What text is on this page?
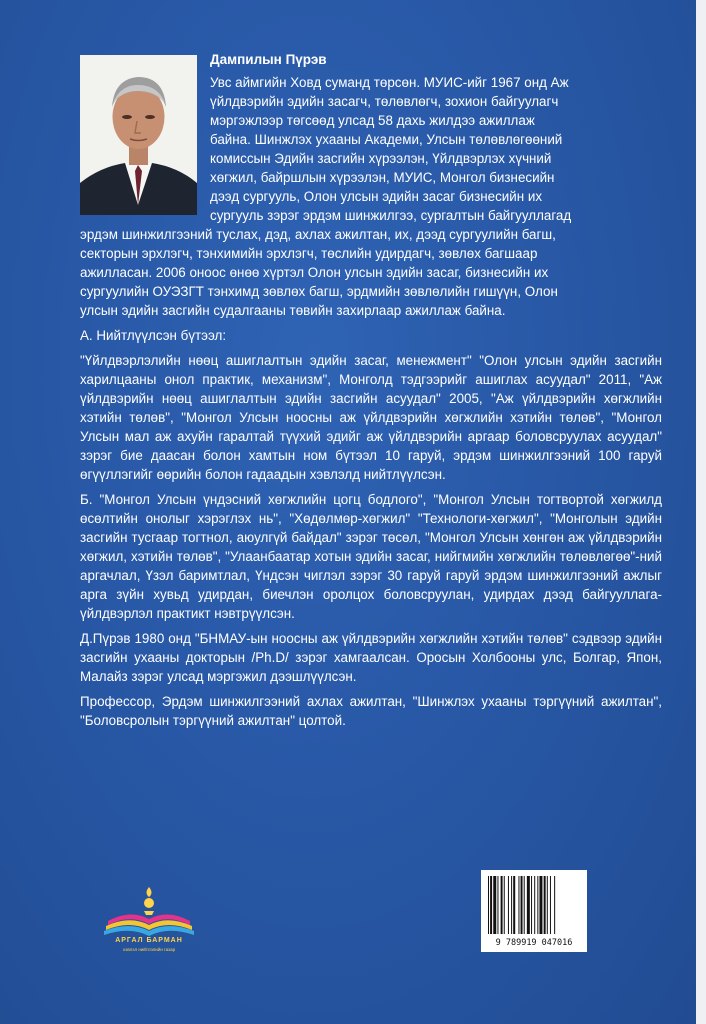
Дампилын Пүрэв

Увс аймгийн Ховд суманд төрсөн. МУИС-ийг 1967 онд Аж

үйлдвэрийн эдийн засагч, төлөвлөгч, зохион байгуулагч

мэргэжлээр төгсөөд улсад 58 дахь жилдээ ажиллаж

байна. Шинжлэх ухааны Академи, Улсын төлөвлөгөөний

комиссын Эдийн засгийн хүрээлэн, Үйлдвэрлэх хүчний

хөгжил, байршлын хүрээлэн, МУИС, Монгол бизнесийн

дээд сургууль, Олон улсын эдийн засаг бизнесийн их

сургууль зэрэг эрдэм шинжилгээ, сургалтын байгууллагад

эрдэм шинжилгээний туслах, дэд, ахлах ажилтан, их, дээд сургуулийн багш,

секторын эрхлэгч, тэнхимийн эрхлэгч, төслийн удирдагч, зөвлөх багшаар

ажилласан. 2006 оноос өнөө хүртэл Олон улсын эдийн засаг, бизнесийн их

сургуулийн ОУЭЗГТ тэнхимд зөвлөх багш, эрдмийн зөвлөлийн гишүүн, Олон

улсын эдийн засгийн судалгааны төвийн захирлаар ажиллаж байна.

А. Нийтлүүлсэн бүтээл:

"Үйлдвэрлэлийн нөөц ашиглалтын эдийн засаг, менежмент" "Олон улсын эдийн засгийн харилцааны онол практик, механизм", Монголд тэдгээрийг ашиглах асуудал" 2011, "Аж үйлдвэрийн нөөц ашиглалтын эдийн засгийн асуудал" 2005, "Аж үйлдвэрийн хөгжлийн хэтийн төлөв", "Монгол Улсын ноосны аж үйлдвэрийн хөгжлийн хэтийн төлөв", "Монгол Улсын мал аж ахуйн гаралтай түүхий эдийг аж үйлдвэрийн аргаар боловсруулах асуудал" зэрэг бие даасан болон хамтын ном бүтээл 10 гаруй, эрдэм шинжилгээний 100 гаруй өгүүллэгийг өөрийн болон гадаадын хэвлэлд нийтлүүлсэн.

Б. "Монгол Улсын үндэсний хөгжлийн цогц бодлого", "Монгол Улсын тогтвортой хөгжилд өсөлтийн онолыг хэрэглэх нь", "Хөдөлмөр-хөгжил" "Технологи-хөгжил", "Монголын эдийн засгийн тусгаар тогтнол, аюулгүй байдал" зэрэг төсөл, "Монгол Улсын хөнгөн аж үйлдвэрийн хөгжил, хэтийн төлөв", "Улаанбаатар хотын эдийн засаг, нийгмийн хөгжлийн төлөвлөгөө"-ний аргачлал, Үзэл баримтлал, Үндсэн чиглэл зэрэг 30 гаруй гаруй эрдэм шинжилгээний ажлыг арга зүйн хувьд удирдан, биечлэн оролцох боловсруулан, удирдах дээд байгууллага-үйлдвэрлэл практикт нэвтрүүлсэн.

Д.Пүрэв 1980 онд "БНМАУ-ын ноосны аж үйлдвэрийн хөгжлийн хэтийн төлөв" сэдвээр эдийн засгийн ухааны докторын /Ph.D/ зэрэг хамгаалсан. Оросын Холбооны улс, Болгар, Япон, Малайз зэрэг улсад мэргэжил дээшлүүлсэн.

Профессор, Эрдэм шинжилгээний ахлах ажилтан, "Шинжлэх ухааны тэргүүний ажилтан", "Боловсролын тэргүүний ажилтан" цолтой.

АРГАЛ БАРМАН
хэвлэл нийтлэлийн газар
9 789919 047016
